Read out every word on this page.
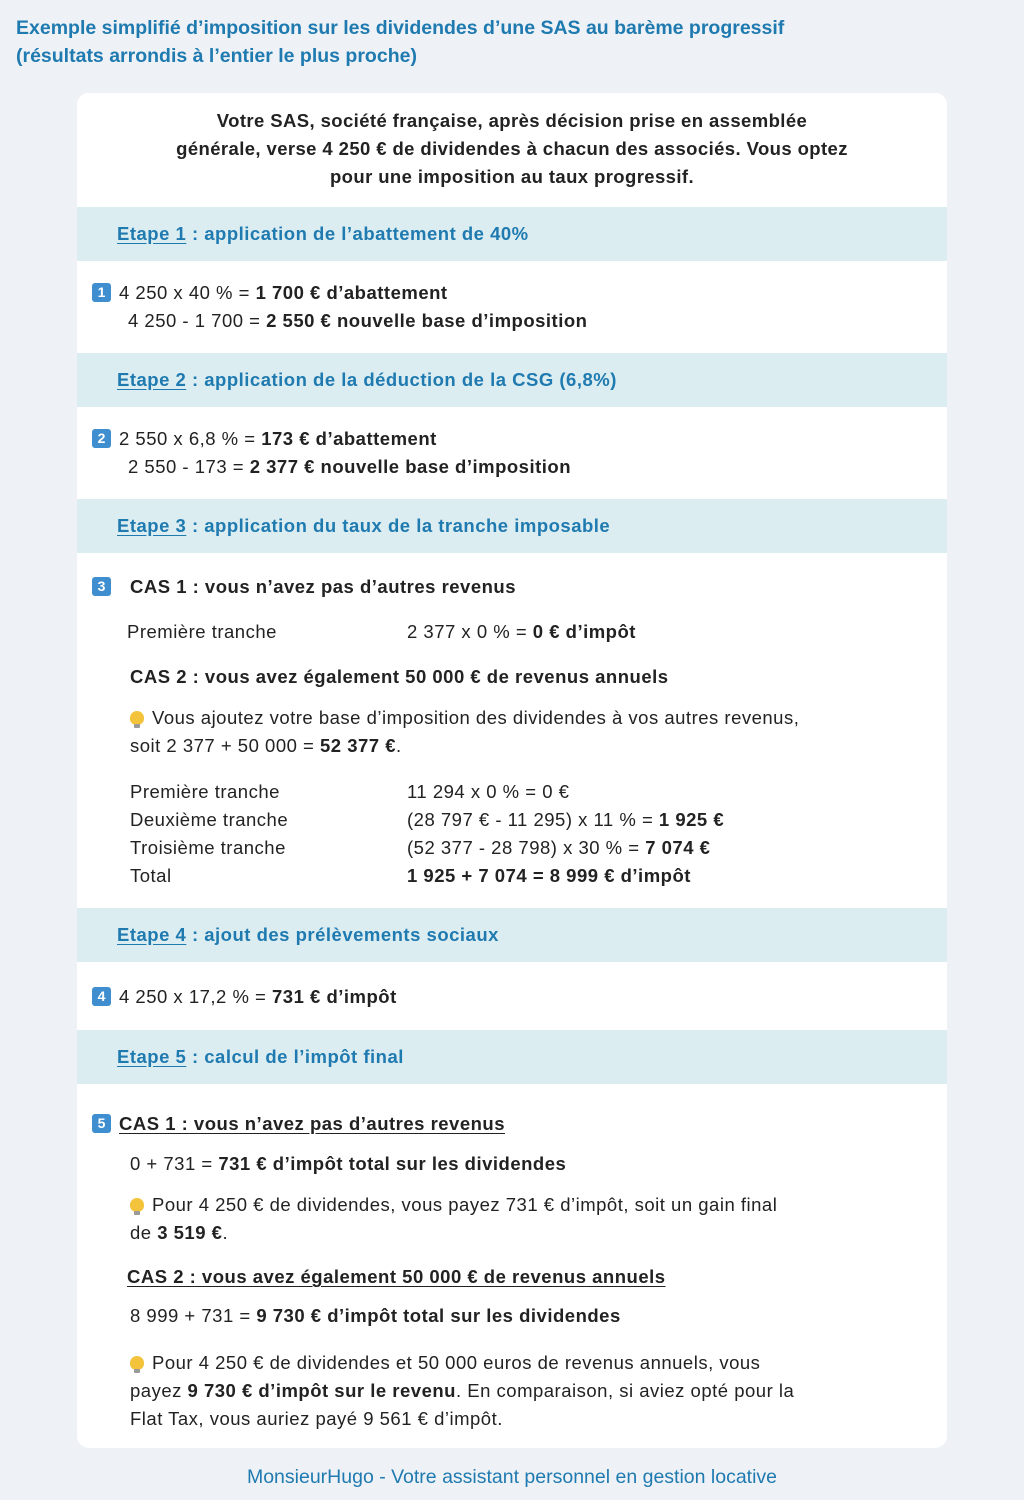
Exemple simplifié d’imposition sur les dividendes d’une SAS au barème progressif
(résultats arrondis à l’entier le plus proche)
Votre SAS, société française, après décision prise en assemblée
générale, verse 4 250 € de dividendes à chacun des associés. Vous optez
pour une imposition au taux progressif.
Etape 1 : application de l’abattement de 40%
1 4 250 x 40 % = 1 700 € d’abattement
4 250 - 1 700 = 2 550 € nouvelle base d’imposition
Etape 2 : application de la déduction de la CSG (6,8%)
2 2 550 x 6,8 % = 173 € d’abattement
2 550 - 173 = 2 377 € nouvelle base d’imposition
Etape 3 : application du taux de la tranche imposable
3	CAS 1 : vous n’avez pas d’autres revenus
Première tranche	2 377 x 0 % = 0 € d’impôt
CAS 2 : vous avez également 50 000 € de revenus annuels
Vous ajoutez votre base d’imposition des dividendes à vos autres revenus,
soit 2 377 + 50 000 = 52 377 €.
Première tranche	11 294 x 0 % = 0 €
Deuxième tranche	(28 797 € - 11 295) x 11 % = 1 925 €
Troisième tranche	(52 377 - 28 798) x 30 % = 7 074 €
Total	1 925 + 7 074 = 8 999 € d’impôt
Etape 4 : ajout des prélèvements sociaux
4 4 250 x 17,2 % = 731 € d’impôt
Etape 5 : calcul de l’impôt final
5 CAS 1 : vous n’avez pas d’autres revenus
0 + 731 = 731 € d’impôt total sur les dividendes
Pour 4 250 € de dividendes, vous payez 731 € d’impôt, soit un gain final
de 3 519 €.
CAS 2 : vous avez également 50 000 € de revenus annuels
8 999 + 731 = 9 730 € d’impôt total sur les dividendes
Pour 4 250 € de dividendes et 50 000 euros de revenus annuels, vous
payez 9 730 € d’impôt sur le revenu. En comparaison, si aviez opté pour la
Flat Tax, vous auriez payé 9 561 € d’impôt.
MonsieurHugo - Votre assistant personnel en gestion locative
